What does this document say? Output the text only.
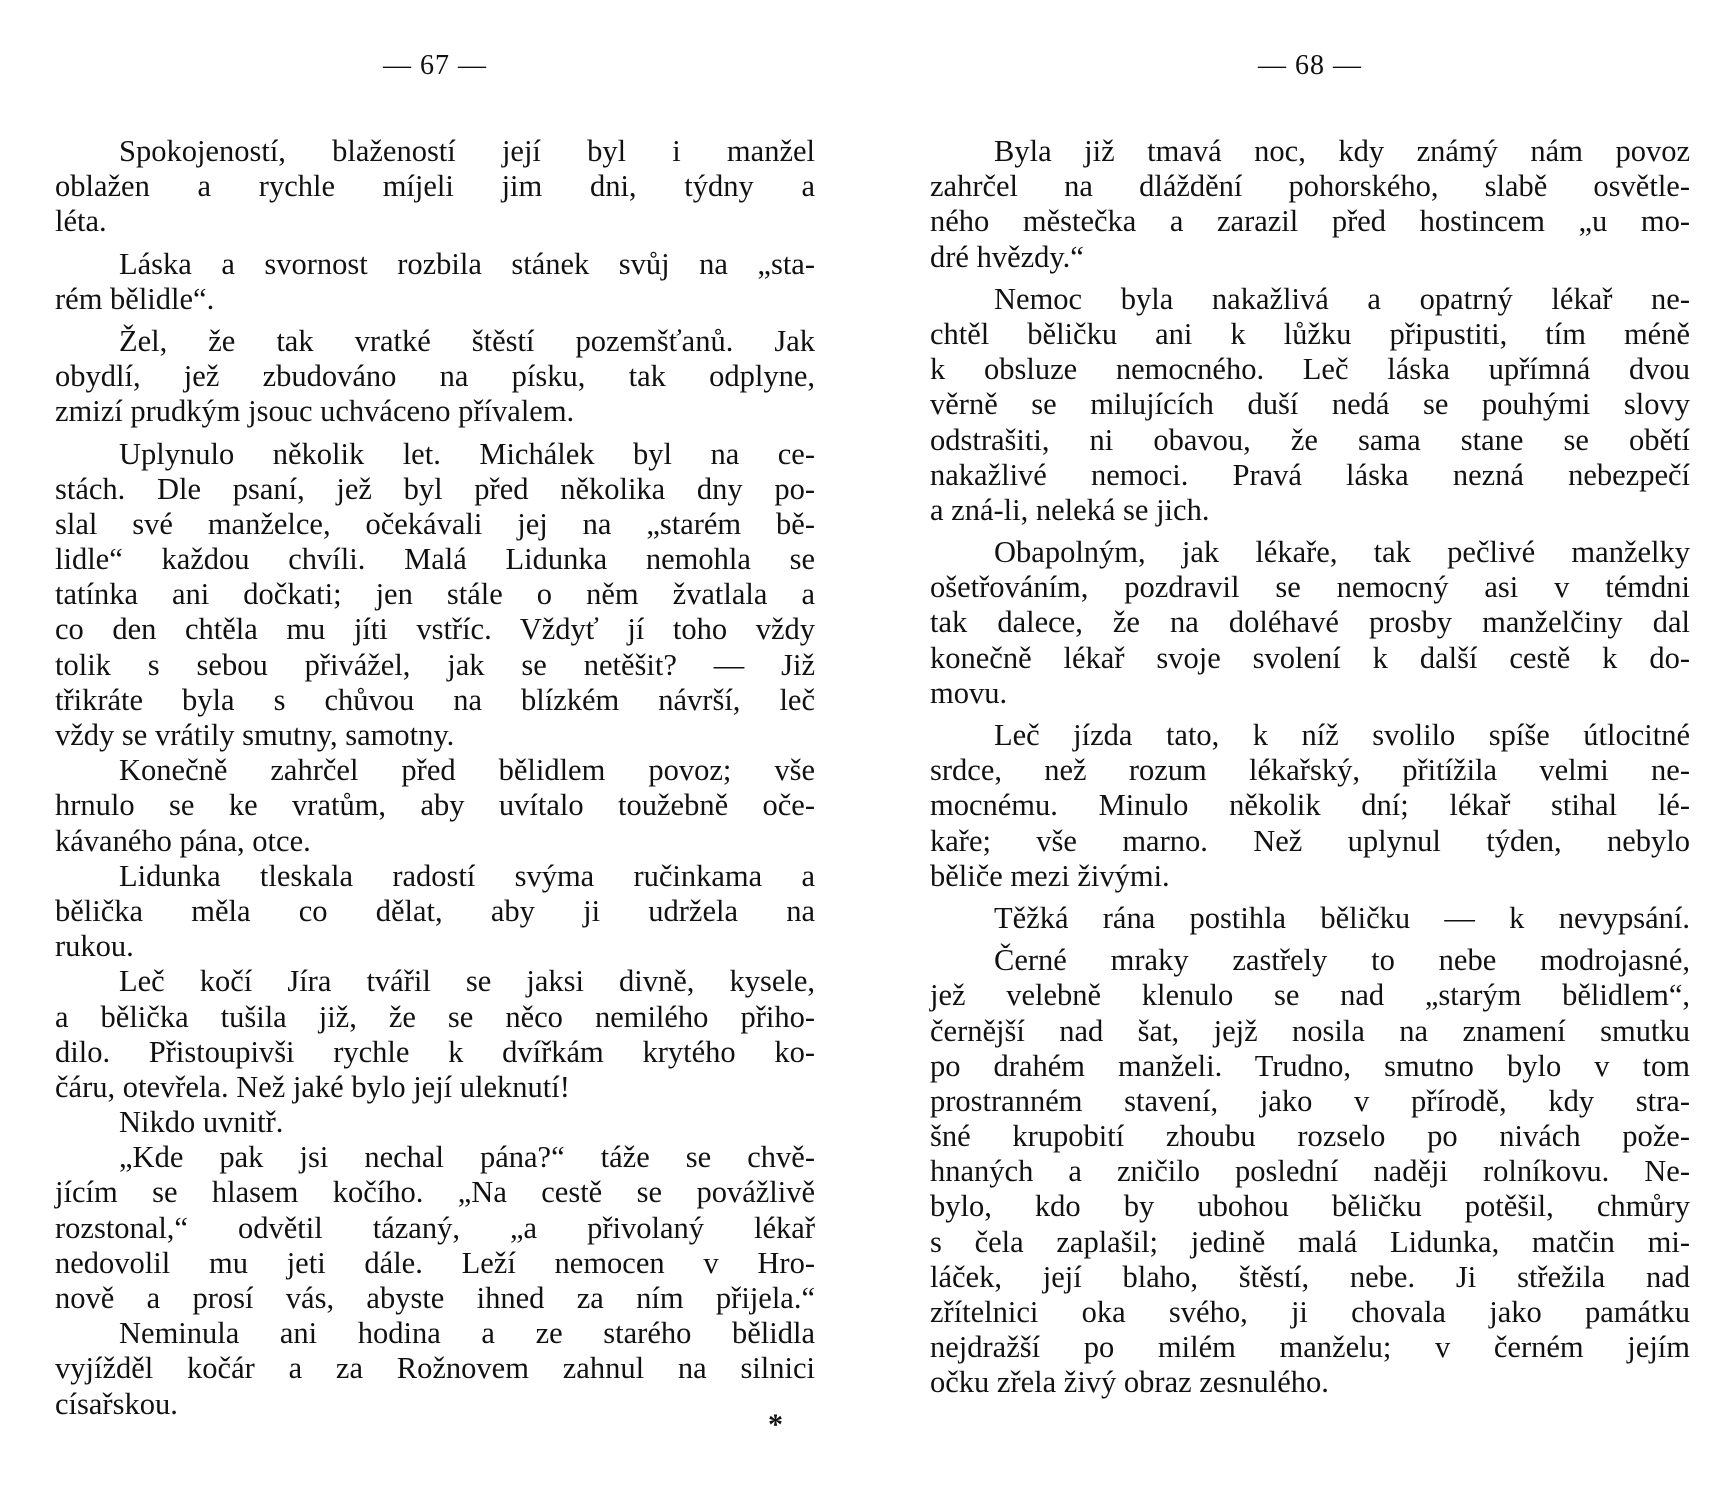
— 67 —

Spokojeností, blažeností její byl i manžel

oblažen a rychle míjeli jim dni, týdny a

léta.

Láska a svornost rozbila stánek svůj na „sta-

rém bělidle“.

Žel, že tak vratké štěstí pozemšťanů. Jak

obydlí, jež zbudováno na písku, tak odplyne,

zmizí prudkým jsouc uchváceno přívalem.

Uplynulo několik let. Michálek byl na ce-

stách. Dle psaní, jež byl před několika dny po-

slal své manželce, očekávali jej na „starém bě-

lidle“ každou chvíli. Malá Lidunka nemohla se

tatínka ani dočkati; jen stále o něm žvatlala a

co den chtěla mu jíti vstříc. Vždyť jí toho vždy

tolik s sebou přivážel, jak se netěšit? — Již

třikráte byla s chůvou na blízkém návrší, leč

vždy se vrátily smutny, samotny.

Konečně zahrčel před bělidlem povoz; vše

hrnulo se ke vratům, aby uvítalo toužebně oče-

kávaného pána, otce.

Lidunka tleskala radostí svýma ručinkama a

bělička měla co dělat, aby ji udržela na

rukou.

Leč kočí Jíra tvářil se jaksi divně, kysele,

a bělička tušila již, že se něco nemilého přiho-

dilo. Přistoupivši rychle k dvířkám krytého ko-

čáru, otevřela. Než jaké bylo její uleknutí!

Nikdo uvnitř.

„Kde pak jsi nechal pána?“ táže se chvě-

jícím se hlasem kočího. „Na cestě se povážlivě

rozstonal,“ odvětil tázaný, „a přivolaný lékař

nedovolil mu jeti dále. Leží nemocen v Hro-

nově a prosí vás, abyste ihned za ním přijela.“

Neminula ani hodina a ze starého bělidla

vyjížděl kočár a za Rožnovem zahnul na silnici

císařskou.

*
— 68 —

Byla již tmavá noc, kdy známý nám povoz

zahrčel na dláždění pohorského, slabě osvětle-

ného městečka a zarazil před hostincem „u mo-

dré hvězdy.“

Nemoc byla nakažlivá a opatrný lékař ne-

chtěl běličku ani k lůžku připustiti, tím méně

k obsluze nemocného. Leč láska upřímná dvou

věrně se milujících duší nedá se pouhými slovy

odstrašiti, ni obavou, že sama stane se obětí

nakažlivé nemoci. Pravá láska nezná nebezpečí

a zná-li, neleká se jich.

Obapolným, jak lékaře, tak pečlivé manželky

ošetřováním, pozdravil se nemocný asi v témdni

tak dalece, že na doléhavé prosby manželčiny dal

konečně lékař svoje svolení k další cestě k do-

movu.

Leč jízda tato, k níž svolilo spíše útlocitné

srdce, než rozum lékařský, přitížila velmi ne-

mocnému. Minulo několik dní; lékař stihal lé-

kaře; vše marno. Než uplynul týden, nebylo

běliče mezi živými.

Těžká rána postihla běličku — k nevypsání.

Černé mraky zastřely to nebe modrojasné,

jež velebně klenulo se nad „starým bělidlem“,

černější nad šat, jejž nosila na znamení smutku

po drahém manželi. Trudno, smutno bylo v tom

prostranném stavení, jako v přírodě, kdy stra-

šné krupobití zhoubu rozselo po nivách pože-

hnaných a zničilo poslední naději rolníkovu. Ne-

bylo, kdo by ubohou běličku potěšil, chmůry

s čela zaplašil; jedině malá Lidunka, matčin mi-

láček, její blaho, štěstí, nebe. Ji střežila nad

zřítelnici oka svého, ji chovala jako památku

nejdražší po milém manželu; v černém jejím

očku zřela živý obraz zesnulého.
